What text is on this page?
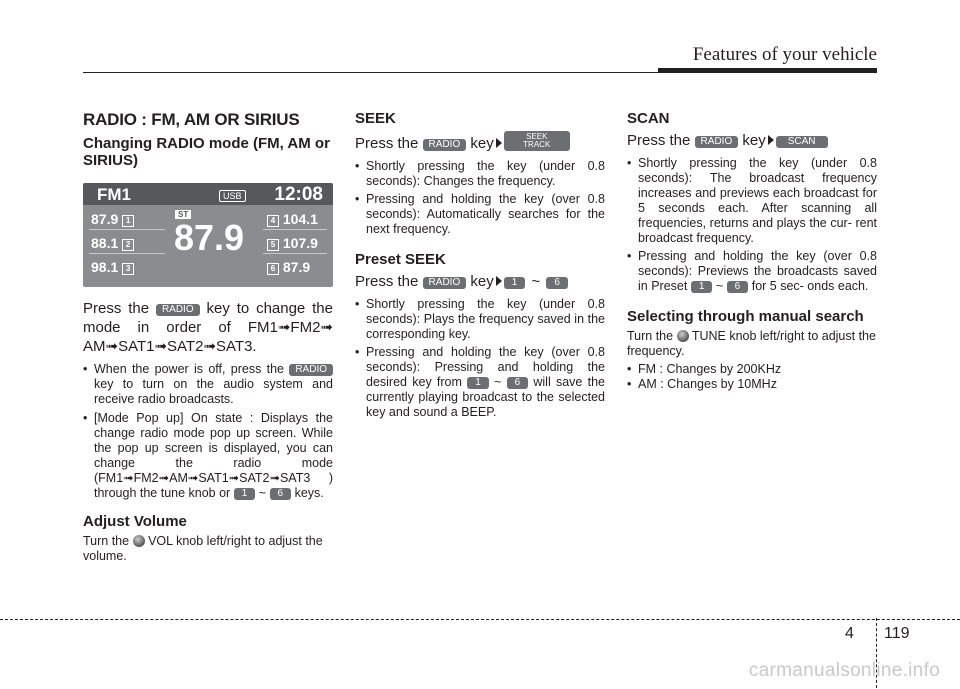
Features of your vehicle
RADIO : FM, AM OR SIRIUS
Changing RADIO mode (FM, AM or SIRIUS)
FM1	USB 12:08
ST
87.9
87.9 1
88.1 2
98.1 3
4 104.1
5 107.9
6 87.9
Press the RADIO key to change the mode in order of FM1➟FM2➟ AM➟SAT1➟SAT2➟SAT3.
• When the power is off, press the RADIO key to turn on the audio system and receive radio broadcasts.
• [Mode Pop up] On state : Displays the change radio mode pop up screen. While the pop up screen is displayed, you can change the radio mode (FM1➟FM2➟AM➟SAT1➟SAT2➟SAT3 ) through the tune knob or 1 ~ 6 keys.
Adjust Volume

Turn the VOL knob left/right to adjust the volume.

SEEK
Press the RADIO key	SEEK
TRACK
• Shortly pressing the key (under 0.8 seconds): Changes the frequency.
• Pressing and holding the key (over 0.8 seconds): Automatically searches for the next frequency.
Preset SEEK
Press the RADIO key 1 ~ 6
• Shortly pressing the key (under 0.8 seconds): Plays the frequency saved in the corresponding key.
• Pressing and holding the key (over 0.8 seconds): Pressing and holding the desired key from 1 ~ 6 will save the currently playing broadcast to the selected key and sound a BEEP.
SCAN
Press the RADIO key SCAN
• Shortly pressing the key (under 0.8 seconds): The broadcast frequency increases and previews each broadcast for 5 seconds each. After scanning all frequencies, returns and plays the cur- rent broadcast frequency.
• Pressing and holding the key (over 0.8 seconds): Previews the broadcasts saved in Preset 1 ~ 6 for 5 sec- onds each.
Selecting through manual search

Turn the TUNE knob left/right to adjust the frequency.

• FM : Changes by 200KHz
• AM : Changes by 10MHz
4 119
carmanualsonline.info
